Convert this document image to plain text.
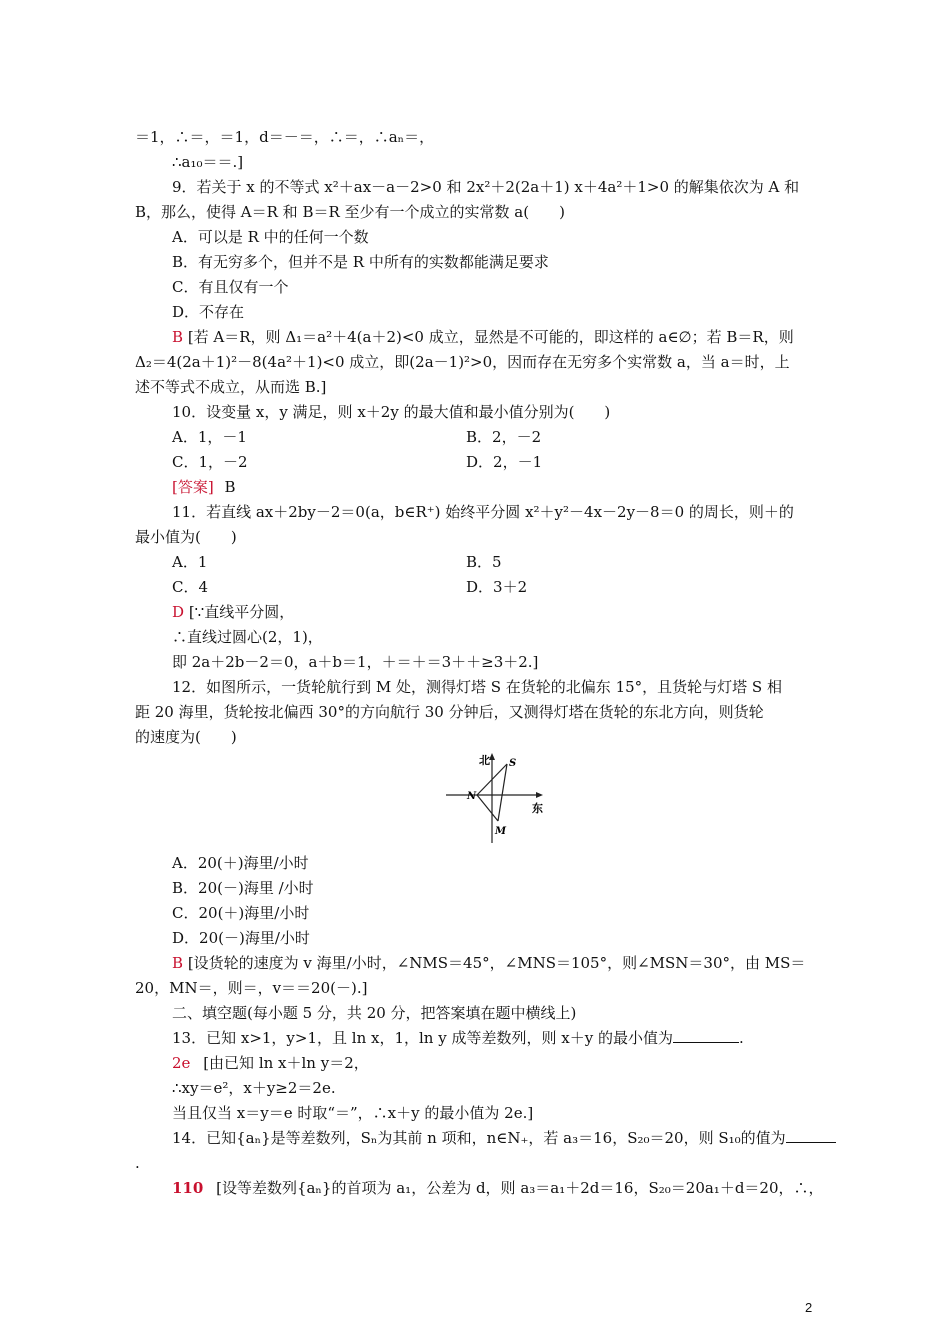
＝1，∴＝，＝1，d＝－＝，∴＝，∴aₙ＝，
∴a₁₀＝＝.]
9．若关于 x 的不等式 x²＋ax－a－2>0 和 2x²＋2(2a＋1) x＋4a²＋1>0 的解集依次为 A 和
B，那么，使得 A＝R 和 B＝R 至少有一个成立的实常数 a(　　)
A．可以是 R 中的任何一个数
B．有无穷多个，但并不是 R 中所有的实数都能满足要求
C．有且仅有一个
D．不存在
B [若 A＝R，则 Δ₁＝a²＋4(a＋2)<0 成立，显然是不可能的，即这样的 a∈∅；若 B＝R，则
Δ₂＝4(2a＋1)²－8(4a²＋1)<0 成立，即(2a－1)²>0，因而存在无穷多个实常数 a，当 a＝时，上
述不等式不成立，从而选 B.]
10．设变量 x，y 满足，则 x＋2y 的最大值和最小值分别为(　　)
A．1，－1	B．2，－2
C．1，－2	D．2，－1
[答案] B
11．若直线 ax＋2by－2＝0(a，b∈R⁺) 始终平分圆 x²＋y²－4x－2y－8＝0 的周长，则＋的
最小值为(　　)
A．1	B．5
C．4	D．3＋2
D [∵直线平分圆，
∴直线过圆心(2，1)，
即 2a＋2b－2＝0，a＋b＝1，＋＝＋＝3＋＋≥3＋2.]
12．如图所示，一货轮航行到 M 处，测得灯塔 S 在货轮的北偏东 15°，且货轮与灯塔 S 相
距 20 海里，货轮按北偏西 30°的方向航行 30 分钟后，又测得灯塔在货轮的东北方向，则货轮
的速度为(　　)
北 S
N
M
东
A．20(＋)海里/小时
B．20(－)海里 /小时
C．20(＋)海里/小时
D．20(－)海里/小时
B [设货轮的速度为 v 海里/小时，∠NMS＝45°，∠MNS＝105°，则∠MSN＝30°，由 MS＝
20，MN＝，则＝，v＝＝20(－).]
二、填空题(每小题 5 分，共 20 分，把答案填在题中横线上)
13．已知 x>1，y>1，且 ln x，1，ln y 成等差数列，则 x＋y 的最小值为	.
2e [由已知 ln x＋ln y＝2，
∴xy＝e²，x＋y≥2＝2e.
当且仅当 x＝y＝e 时取“＝”，∴x＋y 的最小值为 2e.]
14．已知{aₙ}是等差数列，Sₙ为其前 n 项和，n∈N₊，若 a₃＝16，S₂₀＝20，则 S₁₀的值为
.
110 [设等差数列{aₙ}的首项为 a₁，公差为 d，则 a₃＝a₁＋2d＝16，S₂₀＝20a₁＋d＝20，∴，
2
